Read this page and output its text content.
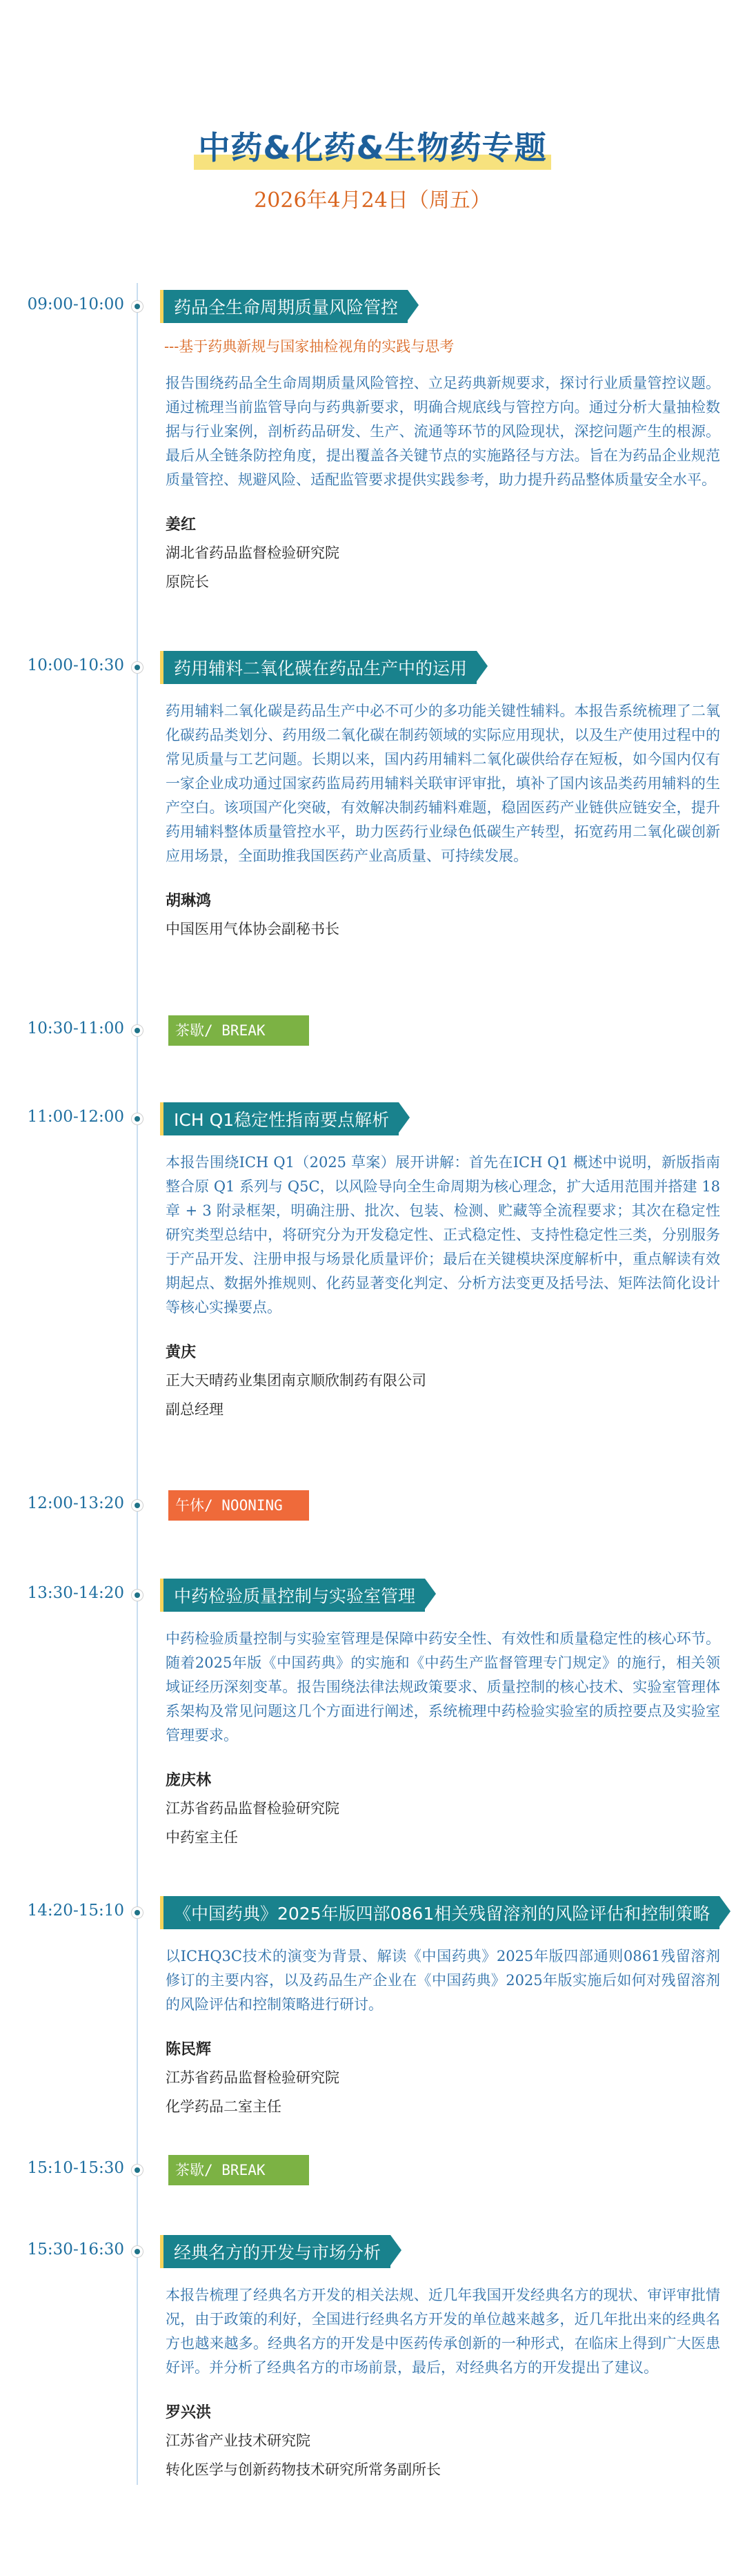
中药&化药&生物药专题
2026年4月24日（周五）
09:00-10:00	药品全生命周期质量风险管控
---基于药典新规与国家抽检视角的实践与思考
报告围绕药品全生命周期质量风险管控、立足药典新规要求，探讨行业质量管控议题。通过梳理当前监管导向与药典新要求，明确合规底线与管控方向。通过分析大量抽检数据与行业案例，剖析药品研发、生产、流通等环节的风险现状，深挖问题产生的根源。最后从全链条防控角度，提出覆盖各关键节点的实施路径与方法。旨在为药品企业规范质量管控、规避风险、适配监管要求提供实践参考，助力提升药品整体质量安全水平。
姜红
湖北省药品监督检验研究院
原院长
10:00-10:30	药用辅料二氧化碳在药品生产中的运用
药用辅料二氧化碳是药品生产中必不可少的多功能关键性辅料。本报告系统梳理了二氧化碳药品类划分、药用级二氧化碳在制药领域的实际应用现状，以及生产使用过程中的常见质量与工艺问题。长期以来，国内药用辅料二氧化碳供给存在短板，如今国内仅有一家企业成功通过国家药监局药用辅料关联审评审批，填补了国内该品类药用辅料的生产空白。该项国产化突破，有效解决制药辅料难题，稳固医药产业链供应链安全，提升药用辅料整体质量管控水平，助力医药行业绿色低碳生产转型，拓宽药用二氧化碳创新应用场景，全面助推我国医药产业高质量、可持续发展。
胡琳鸿
中国医用气体协会副秘书长
10:30-11:00	茶歇/ BREAK
11:00-12:00	ICH Q1稳定性指南要点解析
本报告围绕ICH Q1（2025 草案）展开讲解：首先在ICH Q1 概述中说明，新版指南整合原 Q1 系列与 Q5C，以风险导向全生命周期为核心理念，扩大适用范围并搭建 18 章 + 3 附录框架，明确注册、批次、包装、检测、贮藏等全流程要求；其次在稳定性研究类型总结中，将研究分为开发稳定性、正式稳定性、支持性稳定性三类，分别服务于产品开发、注册申报与场景化质量评价；最后在关键模块深度解析中，重点解读有效期起点、数据外推规则、化药显著变化判定、分析方法变更及括号法、矩阵法简化设计等核心实操要点。
黄庆
正大天晴药业集团南京顺欣制药有限公司
副总经理
12:00-13:20	午休/ NOONING
13:30-14:20	中药检验质量控制与实验室管理
中药检验质量控制与实验室管理是保障中药安全性、有效性和质量稳定性的核心环节。随着2025年版《中国药典》的实施和《中药生产监督管理专门规定》的施行，相关领域证经历深刻变革。报告围绕法律法规政策要求、质量控制的核心技术、实验室管理体系架构及常见问题这几个方面进行阐述，系统梳理中药检验实验室的质控要点及实验室管理要求。
庞庆林
江苏省药品监督检验研究院
中药室主任
14:20-15:10	《中国药典》2025年版四部0861相关残留溶剂的风险评估和控制策略
以ICHQ3C技术的演变为背景、解读《中国药典》2025年版四部通则0861残留溶剂修订的主要内容，以及药品生产企业在《中国药典》2025年版实施后如何对残留溶剂的风险评估和控制策略进行研讨。
陈民辉
江苏省药品监督检验研究院
化学药品二室主任
15:10-15:30	茶歇/ BREAK
15:30-16:30	经典名方的开发与市场分析
本报告梳理了经典名方开发的相关法规、近几年我国开发经典名方的现状、审评审批情况，由于政策的利好，全国进行经典名方开发的单位越来越多，近几年批出来的经典名方也越来越多。经典名方的开发是中医药传承创新的一种形式，在临床上得到广大医患好评。并分析了经典名方的市场前景，最后，对经典名方的开发提出了建议。
罗兴洪
江苏省产业技术研究院
转化医学与创新药物技术研究所常务副所长
